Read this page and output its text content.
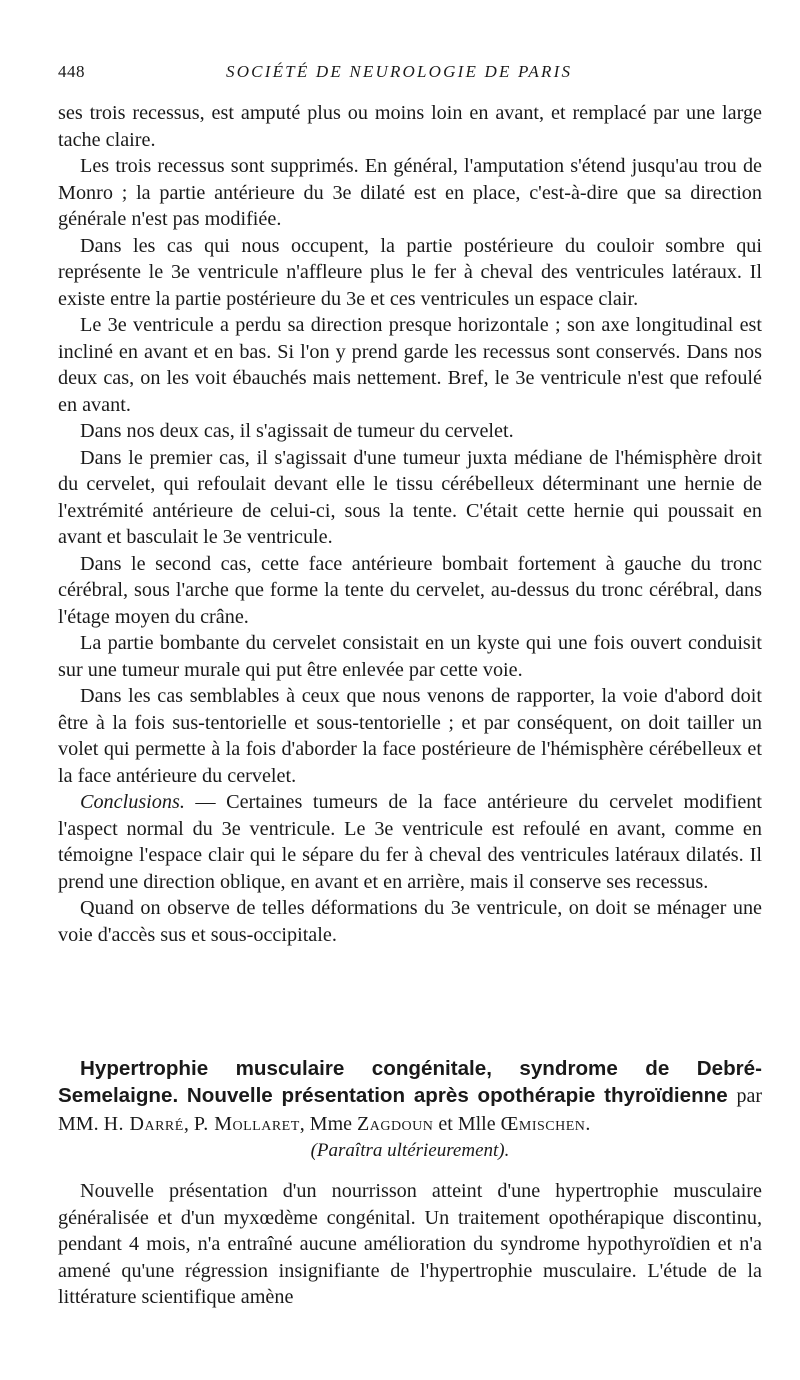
448	SOCIÉTÉ DE NEUROLOGIE DE PARIS

ses trois recessus, est amputé plus ou moins loin en avant, et remplacé par une large tache claire.

Les trois recessus sont supprimés. En général, l'amputation s'étend jusqu'au trou de Monro ; la partie antérieure du 3e dilaté est en place, c'est-à-dire que sa direction générale n'est pas modifiée.

Dans les cas qui nous occupent, la partie postérieure du couloir sombre qui représente le 3e ventricule n'affleure plus le fer à cheval des ventricules latéraux. Il existe entre la partie postérieure du 3e et ces ventricules un espace clair.

Le 3e ventricule a perdu sa direction presque horizontale ; son axe longitudinal est incliné en avant et en bas. Si l'on y prend garde les recessus sont conservés. Dans nos deux cas, on les voit ébauchés mais nettement. Bref, le 3e ventricule n'est que refoulé en avant.

Dans nos deux cas, il s'agissait de tumeur du cervelet.

Dans le premier cas, il s'agissait d'une tumeur juxta médiane de l'hémisphère droit du cervelet, qui refoulait devant elle le tissu cérébelleux déterminant une hernie de l'extrémité antérieure de celui-ci, sous la tente. C'était cette hernie qui poussait en avant et basculait le 3e ventricule.

Dans le second cas, cette face antérieure bombait fortement à gauche du tronc cérébral, sous l'arche que forme la tente du cervelet, au-dessus du tronc cérébral, dans l'étage moyen du crâne.

La partie bombante du cervelet consistait en un kyste qui une fois ouvert conduisit sur une tumeur murale qui put être enlevée par cette voie.

Dans les cas semblables à ceux que nous venons de rapporter, la voie d'abord doit être à la fois sus-tentorielle et sous-tentorielle ; et par conséquent, on doit tailler un volet qui permette à la fois d'aborder la face postérieure de l'hémisphère cérébelleux et la face antérieure du cervelet.

Conclusions. — Certaines tumeurs de la face antérieure du cervelet modifient l'aspect normal du 3e ventricule. Le 3e ventricule est refoulé en avant, comme en témoigne l'espace clair qui le sépare du fer à cheval des ventricules latéraux dilatés. Il prend une direction oblique, en avant et en arrière, mais il conserve ses recessus.

Quand on observe de telles déformations du 3e ventricule, on doit se ménager une voie d'accès sus et sous-occipitale.

Hypertrophie musculaire congénitale, syndrome de Debré-Semelaigne. Nouvelle présentation après opothérapie thyroïdienne par MM. H. Darré, P. Mollaret, Mme Zagdoun et Mlle Œmischen.

(Paraîtra ultérieurement).

Nouvelle présentation d'un nourrisson atteint d'une hypertrophie musculaire généralisée et d'un myxœdème congénital. Un traitement opothérapique discontinu, pendant 4 mois, n'a entraîné aucune amélioration du syndrome hypothyroïdien et n'a amené qu'une régression insignifiante de l'hypertrophie musculaire. L'étude de la littérature scientifique amène
